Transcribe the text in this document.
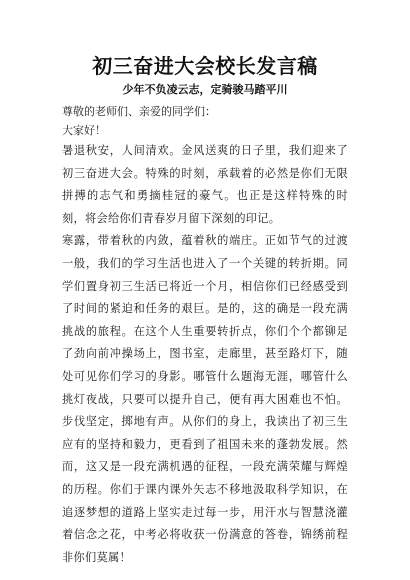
初三奋进大会校长发言稿
少年不负凌云志，定骑骏马踏平川

尊敬的老师们、亲爱的同学们：

大家好！

暑退秋安，人间清欢。金风送爽的日子里，我们迎来了初三奋进大会。特殊的时刻，承载着的必然是你们无限拼搏的志气和勇摘桂冠的豪气。也正是这样特殊的时刻，将会给你们青春岁月留下深刻的印记。

寒露，带着秋的内敛，蕴着秋的端庄。正如节气的过渡一般，我们的学习生活也进入了一个关键的转折期。同学们置身初三生活已将近一个月，相信你们已经感受到了时间的紧迫和任务的艰巨。是的，这的确是一段充满挑战的旅程。在这个人生重要转折点，你们个个都铆足了劲向前冲操场上，图书室，走廊里，甚至路灯下，随处可见你们学习的身影。哪管什么题海无涯，哪管什么挑灯夜战，只要可以提升自己，便有再大困难也不怕。步伐坚定，掷地有声。从你们的身上，我读出了初三生应有的坚持和毅力，更看到了祖国未来的蓬勃发展。然而，这又是一段充满机遇的征程，一段充满荣耀与辉煌的历程。你们于课内课外矢志不移地汲取科学知识，在追逐梦想的道路上坚实走过每一步，用汗水与智慧浇灌着信念之花，中考必将收获一份满意的答卷，锦绣前程非你们莫属！
